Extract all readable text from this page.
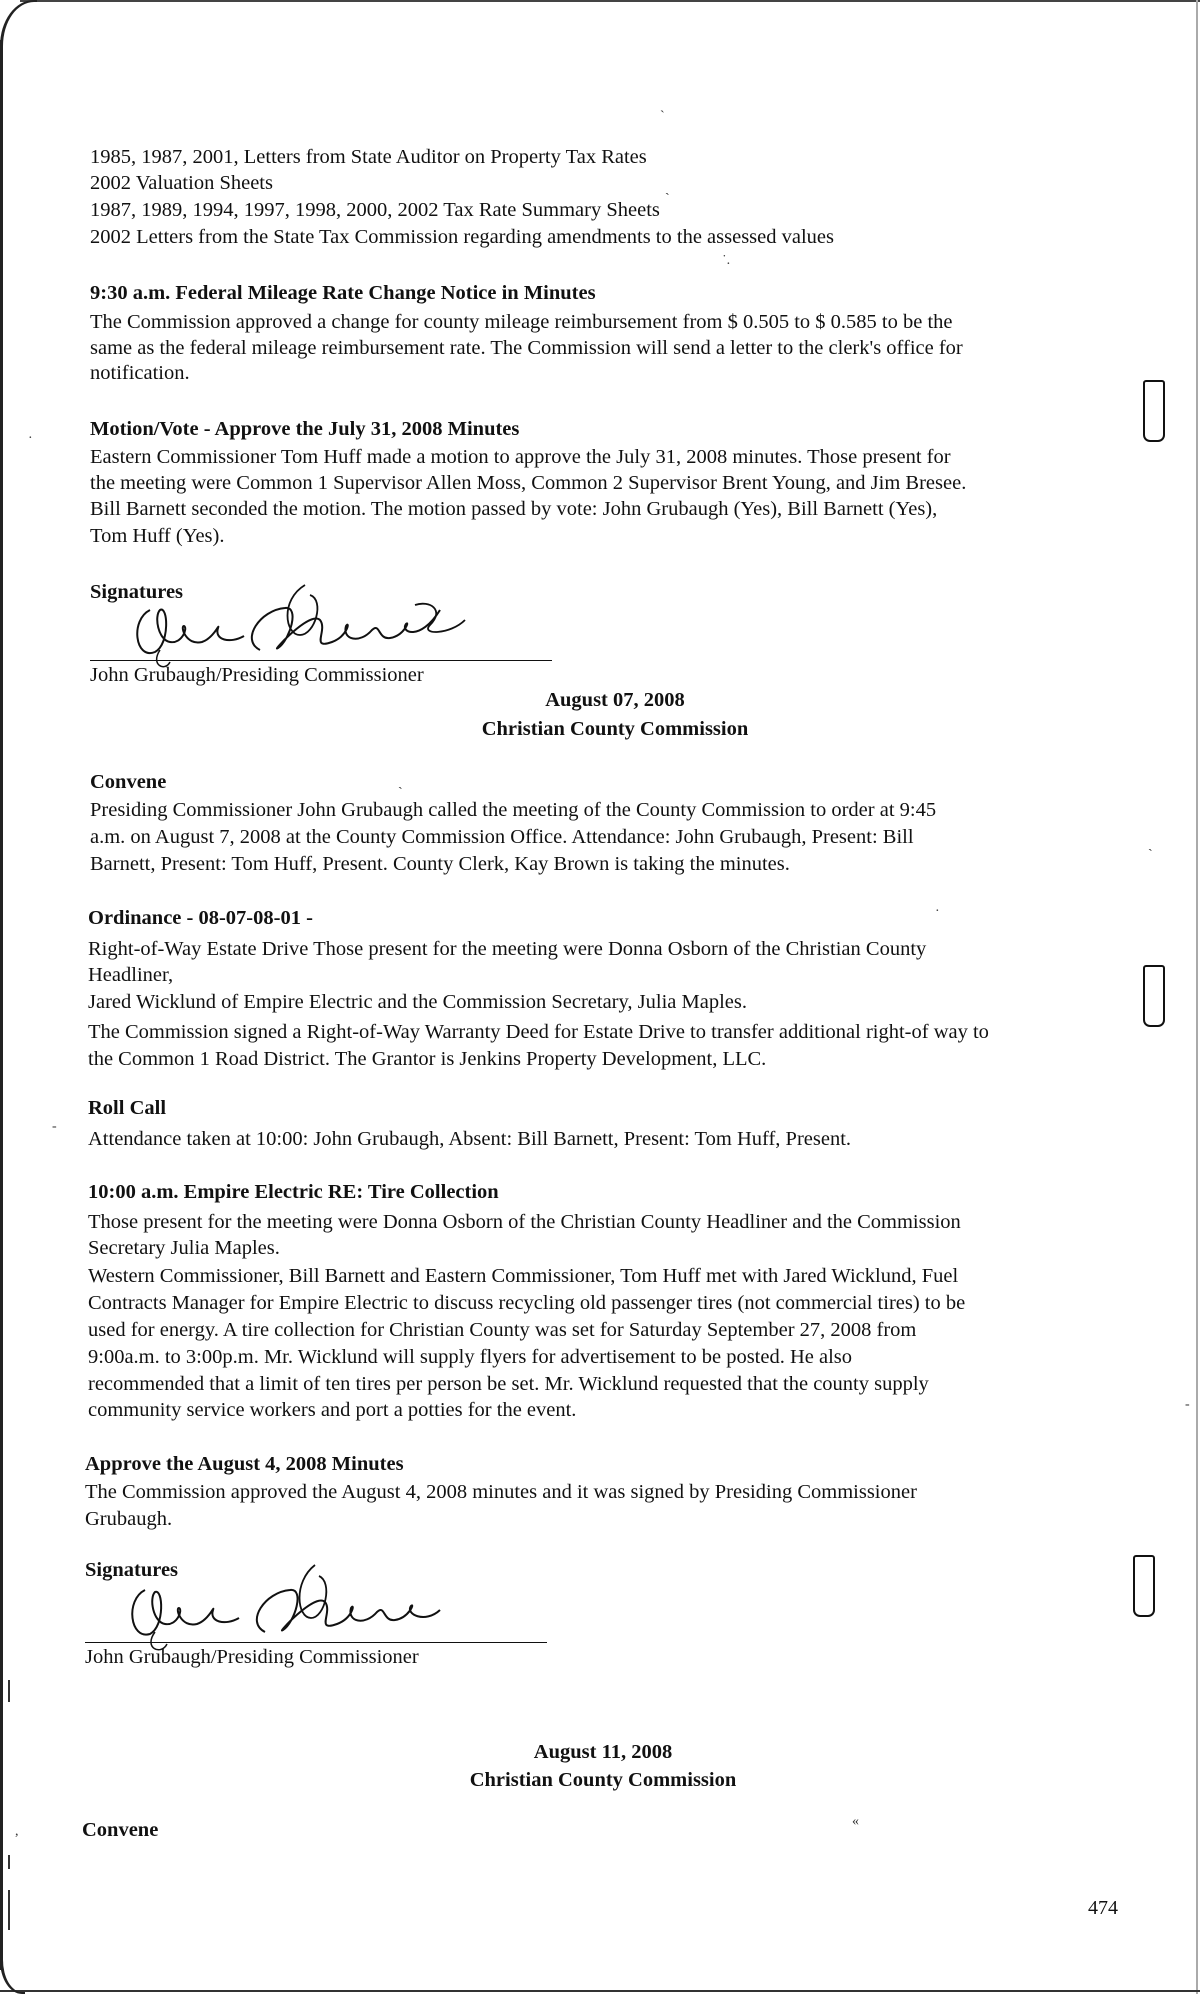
1985, 1987, 2001, Letters from State Auditor on Property Tax Rates
2002 Valuation Sheets
1987, 1989, 1994, 1997, 1998, 2000, 2002 Tax Rate Summary Sheets
2002 Letters from the State Tax Commission regarding amendments to the assessed values
9:30 a.m. Federal Mileage Rate Change Notice in Minutes
The Commission approved a change for county mileage reimbursement from $ 0.505 to $ 0.585 to be the
same as the federal mileage reimbursement rate. The Commission will send a letter to the clerk's office for
notification.
Motion/Vote - Approve the July 31, 2008 Minutes
Eastern Commissioner Tom Huff made a motion to approve the July 31, 2008 minutes. Those present for
the meeting were Common 1 Supervisor Allen Moss, Common 2 Supervisor Brent Young, and Jim Bresee.
Bill Barnett seconded the motion. The motion passed by vote: John Grubaugh (Yes), Bill Barnett (Yes),
Tom Huff (Yes).
Signatures
John Grubaugh/Presiding Commissioner
August 07, 2008
Christian County Commission
Convene
Presiding Commissioner John Grubaugh called the meeting of the County Commission to order at 9:45
a.m. on August 7, 2008 at the County Commission Office. Attendance: John Grubaugh, Present: Bill
Barnett, Present: Tom Huff, Present. County Clerk, Kay Brown is taking the minutes.
Ordinance - 08-07-08-01 -
Right-of-Way Estate Drive Those present for the meeting were Donna Osborn of the Christian County
Headliner,
Jared Wicklund of Empire Electric and the Commission Secretary, Julia Maples.
The Commission signed a Right-of-Way Warranty Deed for Estate Drive to transfer additional right-of way to
the Common 1 Road District. The Grantor is Jenkins Property Development, LLC.
Roll Call
Attendance taken at 10:00: John Grubaugh, Absent: Bill Barnett, Present: Tom Huff, Present.
10:00 a.m. Empire Electric RE: Tire Collection
Those present for the meeting were Donna Osborn of the Christian County Headliner and the Commission
Secretary Julia Maples.
Western Commissioner, Bill Barnett and Eastern Commissioner, Tom Huff met with Jared Wicklund, Fuel
Contracts Manager for Empire Electric to discuss recycling old passenger tires (not commercial tires) to be
used for energy. A tire collection for Christian County was set for Saturday September 27, 2008 from
9:00a.m. to 3:00p.m. Mr. Wicklund will supply flyers for advertisement to be posted. He also
recommended that a limit of ten tires per person be set. Mr. Wicklund requested that the county supply
community service workers and port a potties for the event.
Approve the August 4, 2008 Minutes
The Commission approved the August 4, 2008 minutes and it was signed by Presiding Commissioner
Grubaugh.
Signatures
John Grubaugh/Presiding Commissioner
August 11, 2008
Christian County Commission
Convene
474
`
ˎ
˙.
·
ˎ
ˎ
·
-
-
«
,
